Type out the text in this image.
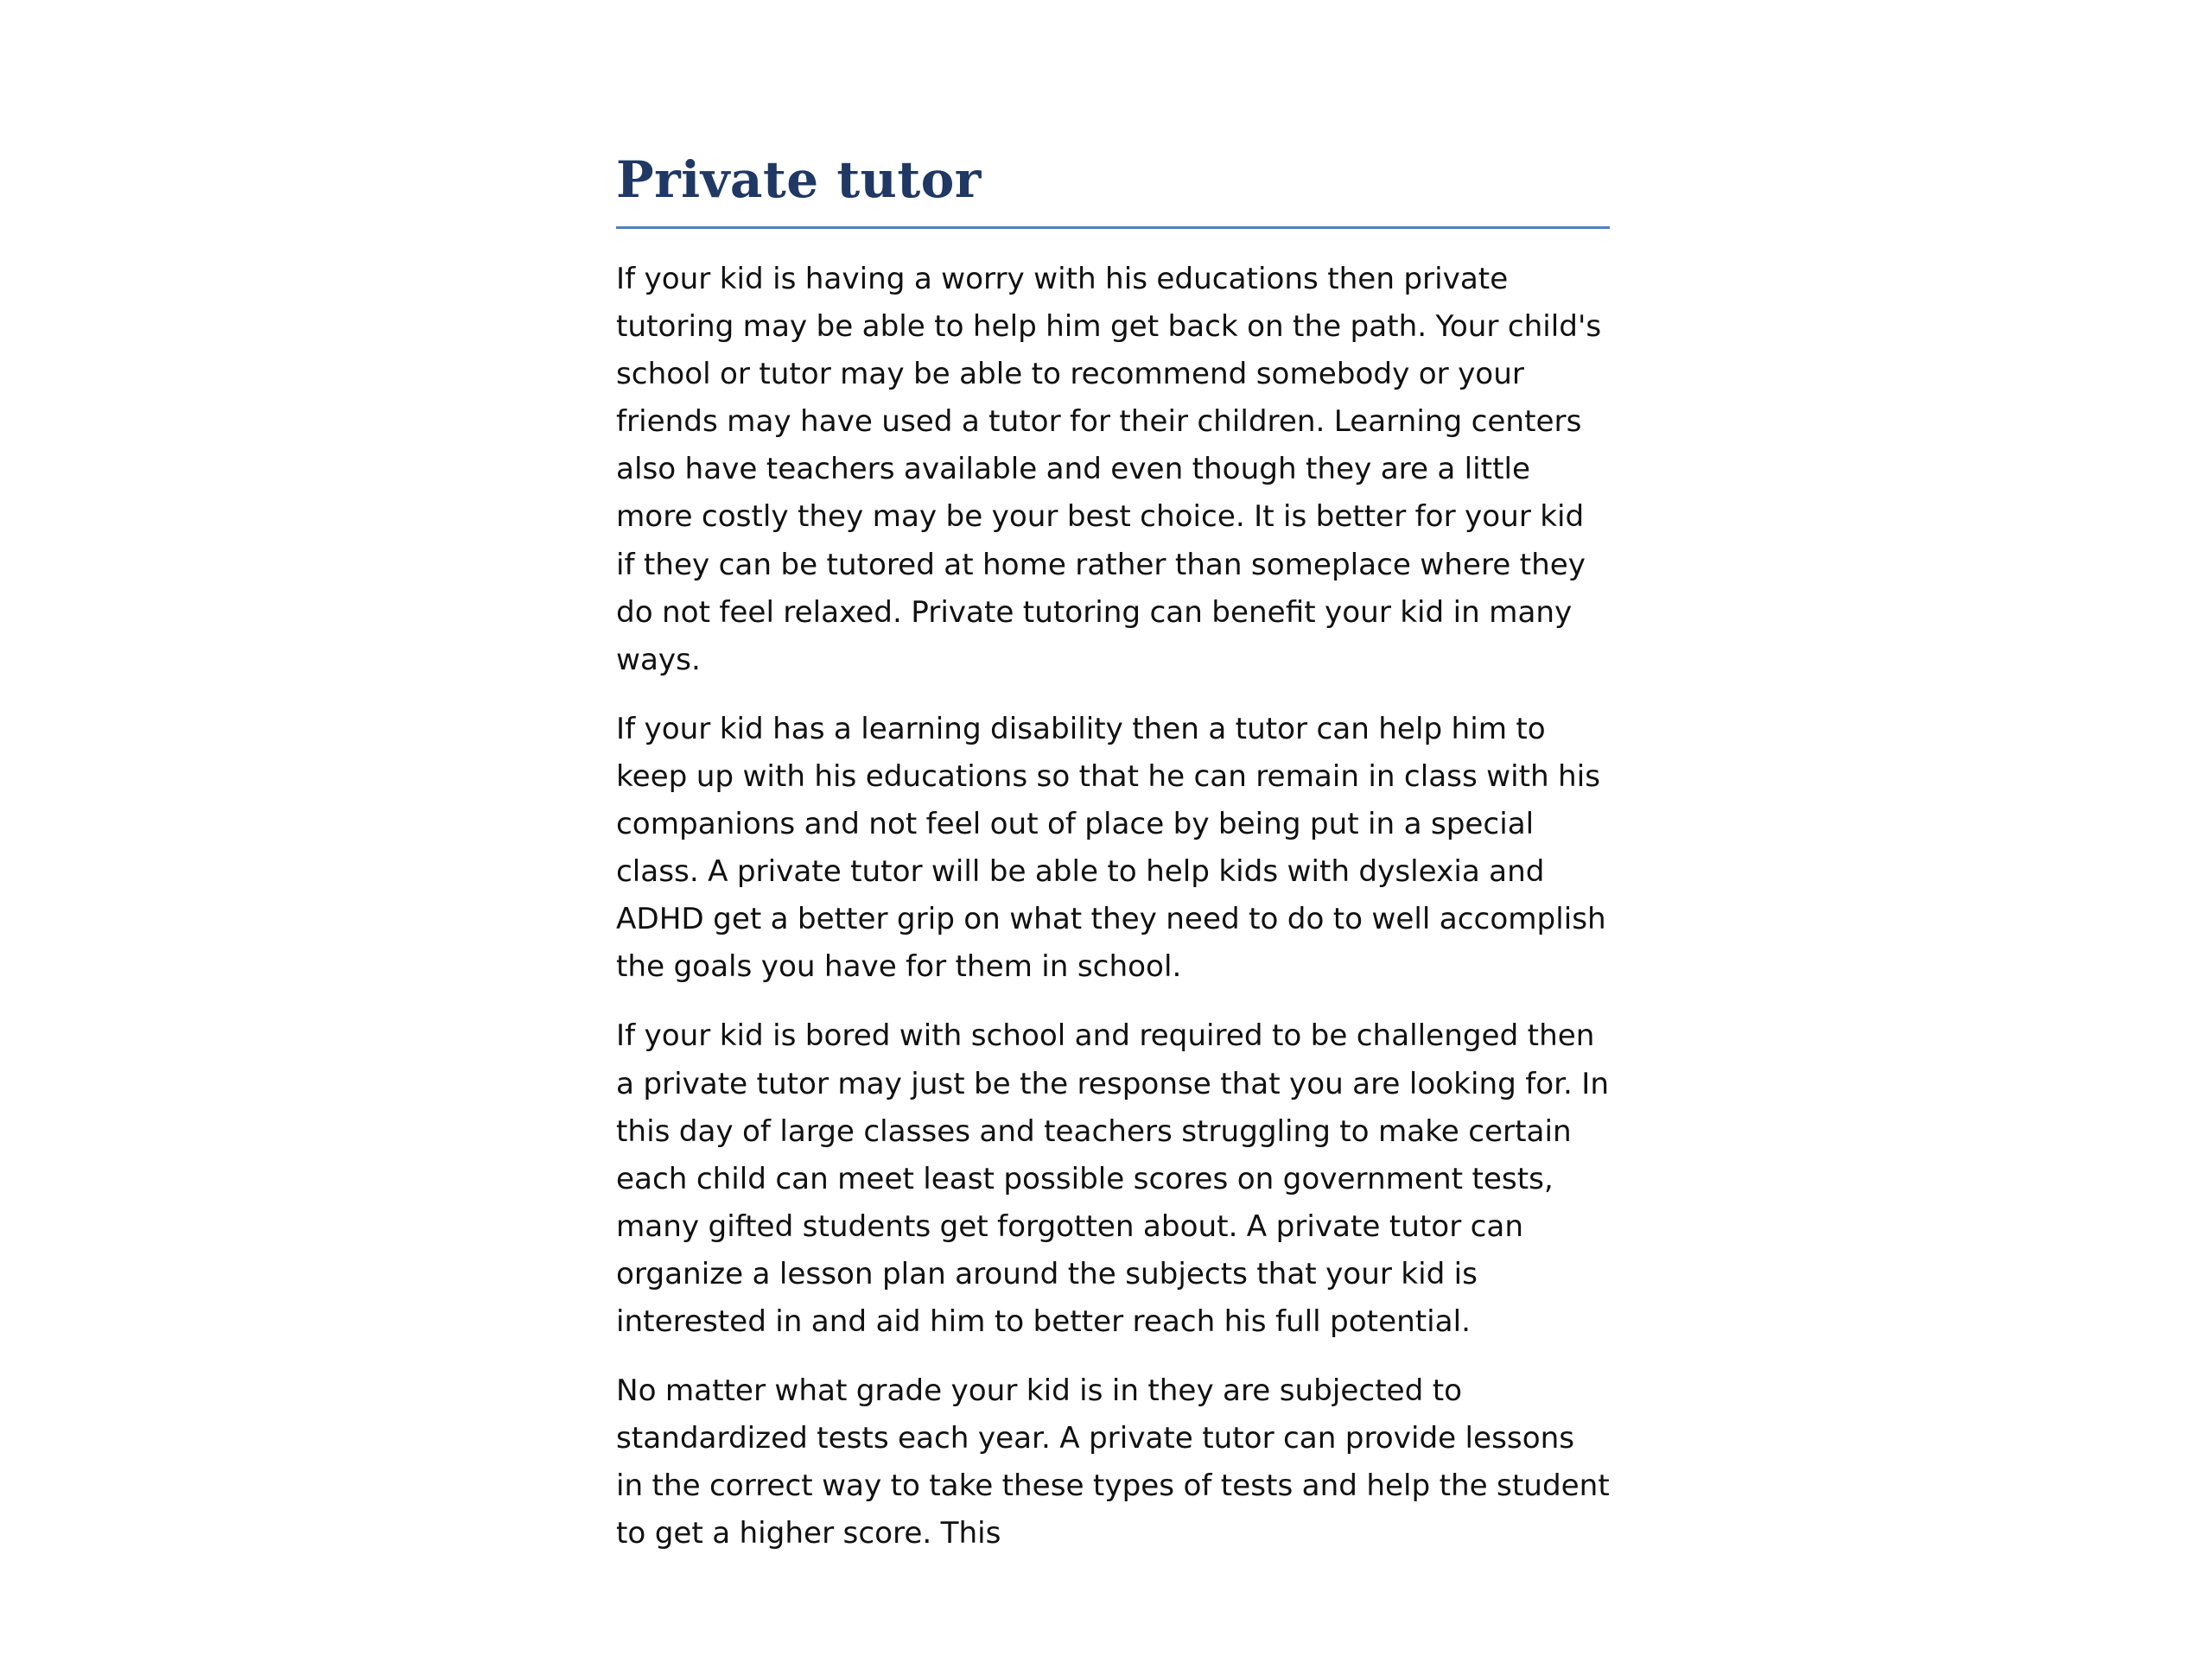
Private tutor

If your kid is having a worry with his educations then private tutoring may be able to help him get back on the path. Your child's school or tutor may be able to recommend somebody or your friends may have used a tutor for their children. Learning centers also have teachers available and even though they are a little more costly they may be your best choice. It is better for your kid if they can be tutored at home rather than someplace where they do not feel relaxed. Private tutoring can benefit your kid in many ways.

If your kid has a learning disability then a tutor can help him to keep up with his educations so that he can remain in class with his companions and not feel out of place by being put in a special class. A private tutor will be able to help kids with dyslexia and ADHD get a better grip on what they need to do to well accomplish the goals you have for them in school.

If your kid is bored with school and required to be challenged then a private tutor may just be the response that you are looking for. In this day of large classes and teachers struggling to make certain each child can meet least possible scores on government tests, many gifted students get forgotten about. A private tutor can organize a lesson plan around the subjects that your kid is interested in and aid him to better reach his full potential.

No matter what grade your kid is in they are subjected to standardized tests each year. A private tutor can provide lessons in the correct way to take these types of tests and help the student to get a higher score. This
